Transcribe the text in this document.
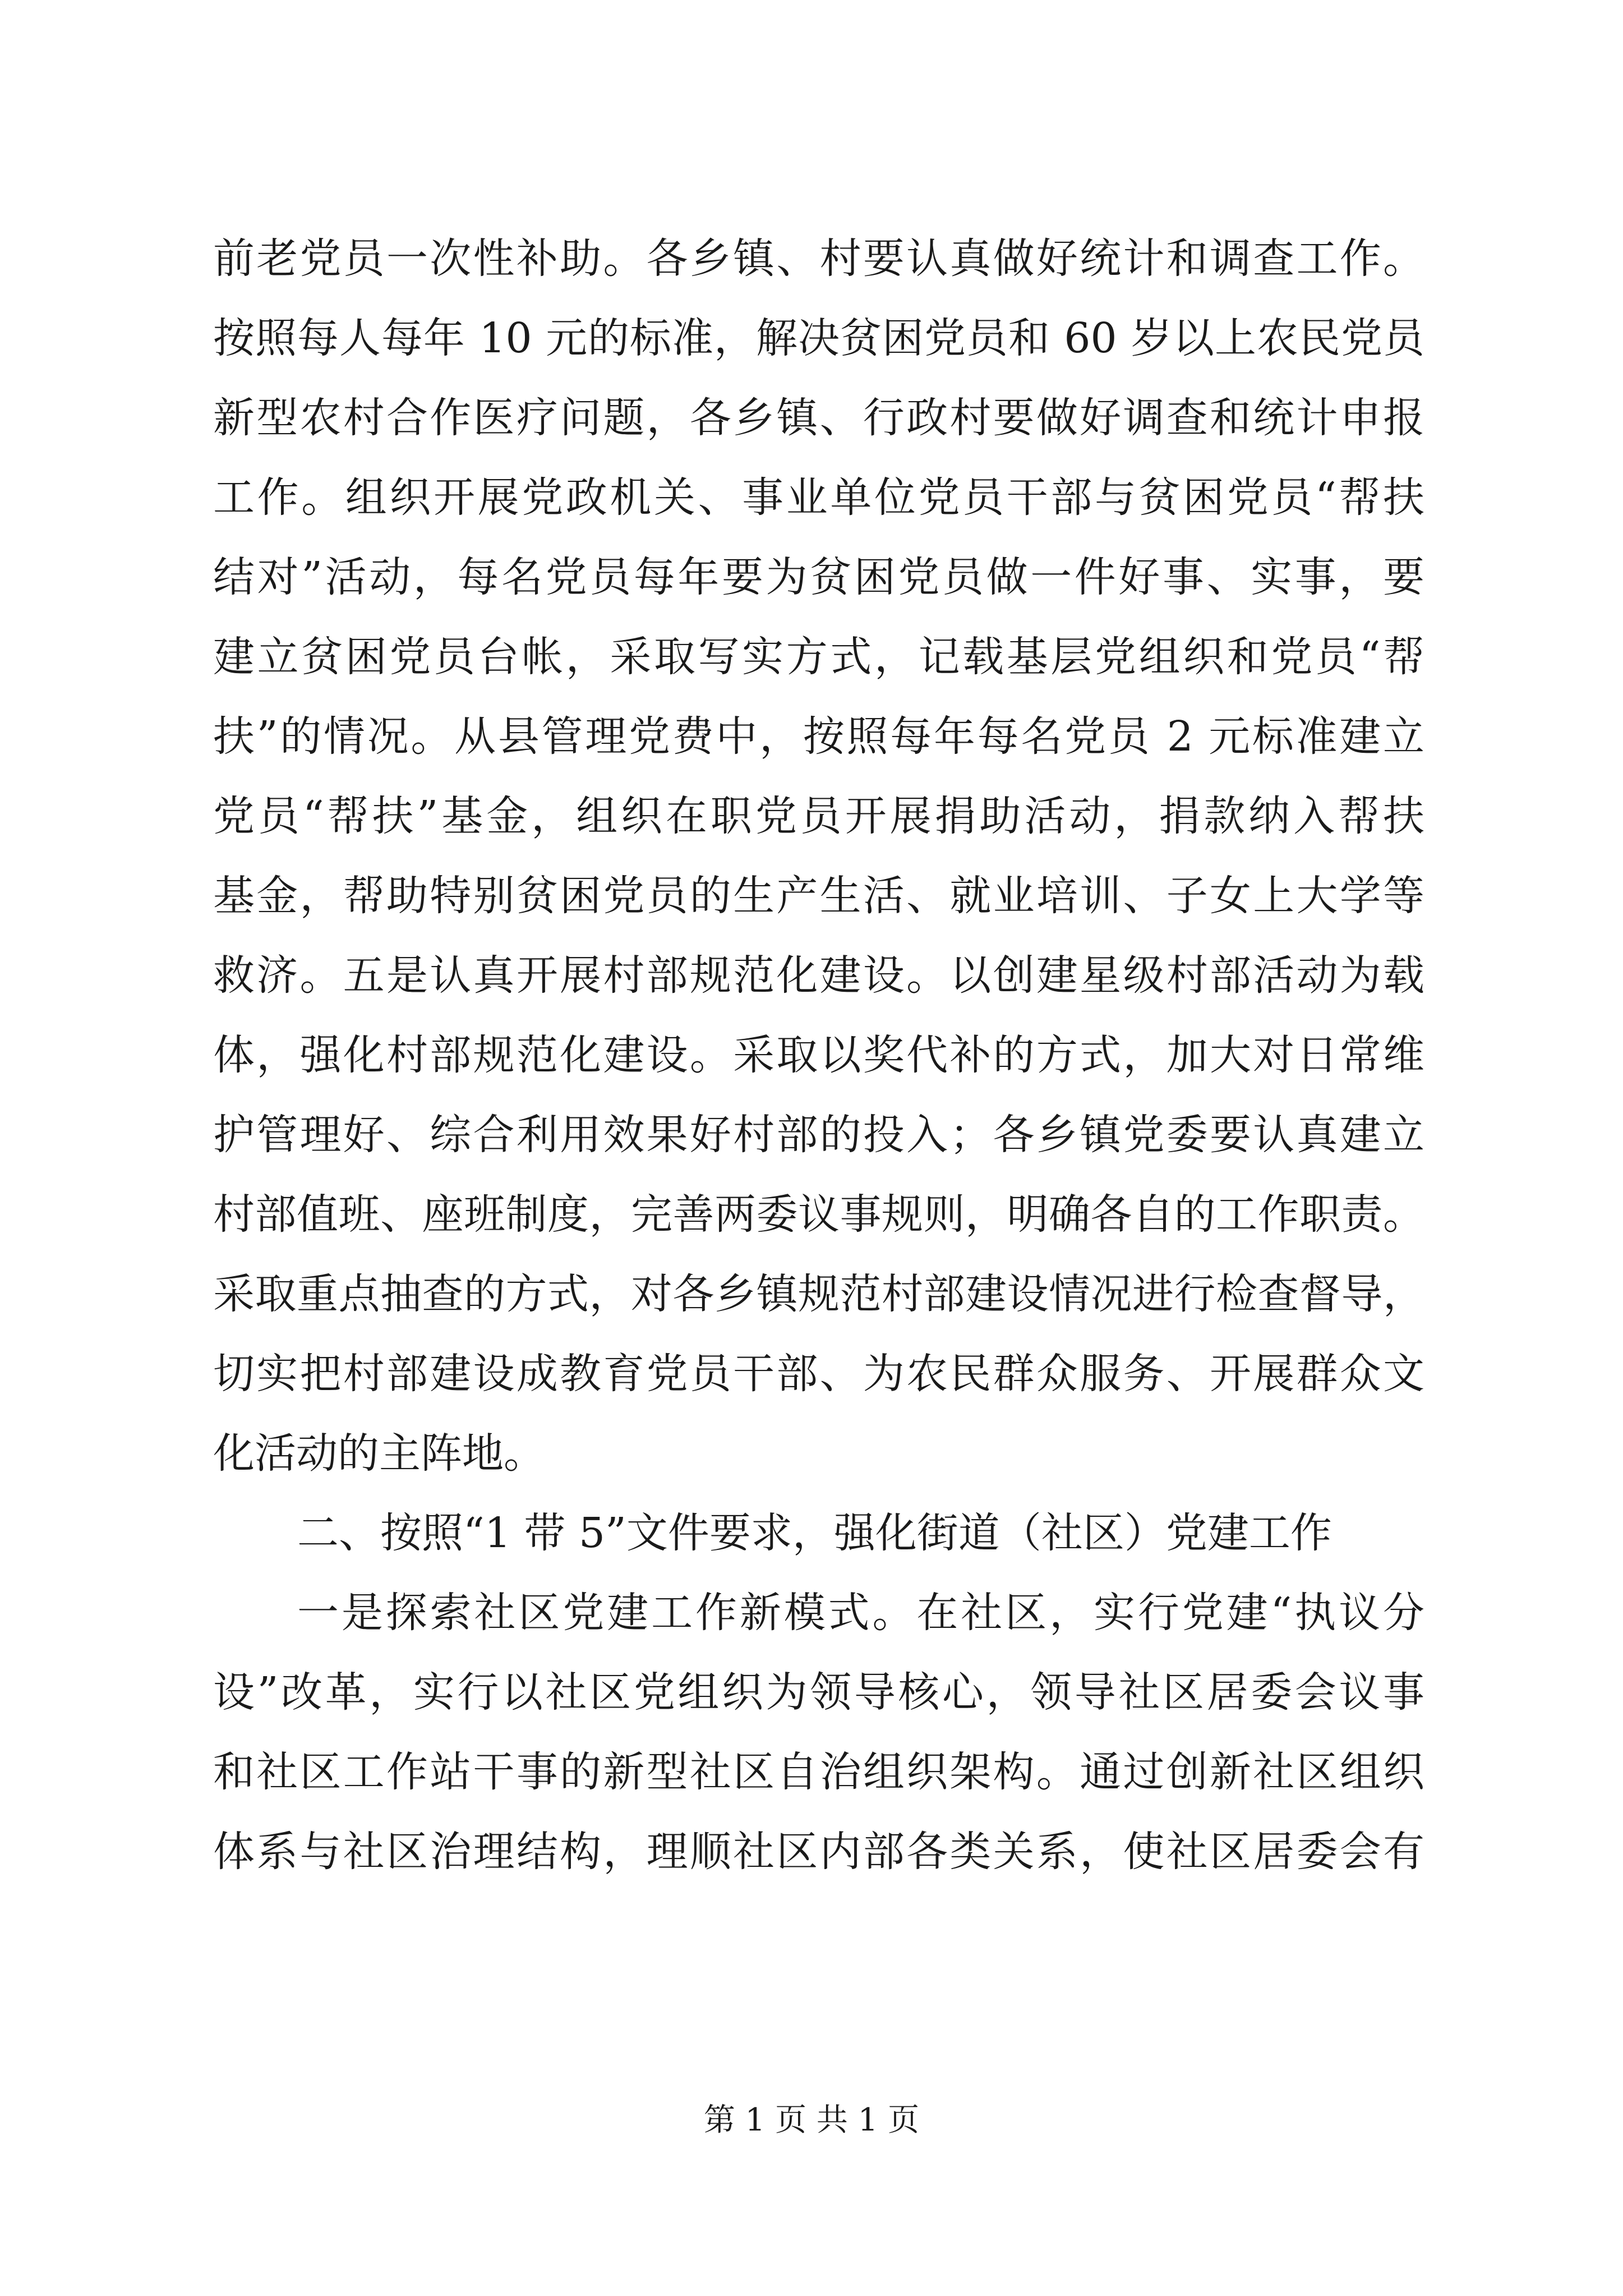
前老党员一次性补助。各乡镇、村要认真做好统计和调查工作。
按照每人每年 10 元的标准，解决贫困党员和 60 岁以上农民党员
新型农村合作医疗问题，各乡镇、行政村要做好调查和统计申报
工作。组织开展党政机关、事业单位党员干部与贫困党员“帮扶
结对”活动，每名党员每年要为贫困党员做一件好事、实事，要
建立贫困党员台帐，采取写实方式，记载基层党组织和党员“帮
扶”的情况。从县管理党费中，按照每年每名党员 2 元标准建立
党员“帮扶”基金，组织在职党员开展捐助活动，捐款纳入帮扶
基金，帮助特别贫困党员的生产生活、就业培训、子女上大学等
救济。五是认真开展村部规范化建设。以创建星级村部活动为载
体，强化村部规范化建设。采取以奖代补的方式，加大对日常维
护管理好、综合利用效果好村部的投入；各乡镇党委要认真建立
村部值班、座班制度，完善两委议事规则，明确各自的工作职责。
采取重点抽查的方式，对各乡镇规范村部建设情况进行检查督导，
切实把村部建设成教育党员干部、为农民群众服务、开展群众文
化活动的主阵地。
二、按照“1 带 5”文件要求，强化街道（社区）党建工作
一是探索社区党建工作新模式。在社区，实行党建“执议分
设”改革，实行以社区党组织为领导核心，领导社区居委会议事
和社区工作站干事的新型社区自治组织架构。通过创新社区组织
体系与社区治理结构，理顺社区内部各类关系，使社区居委会有
第 1 页 共 1 页
